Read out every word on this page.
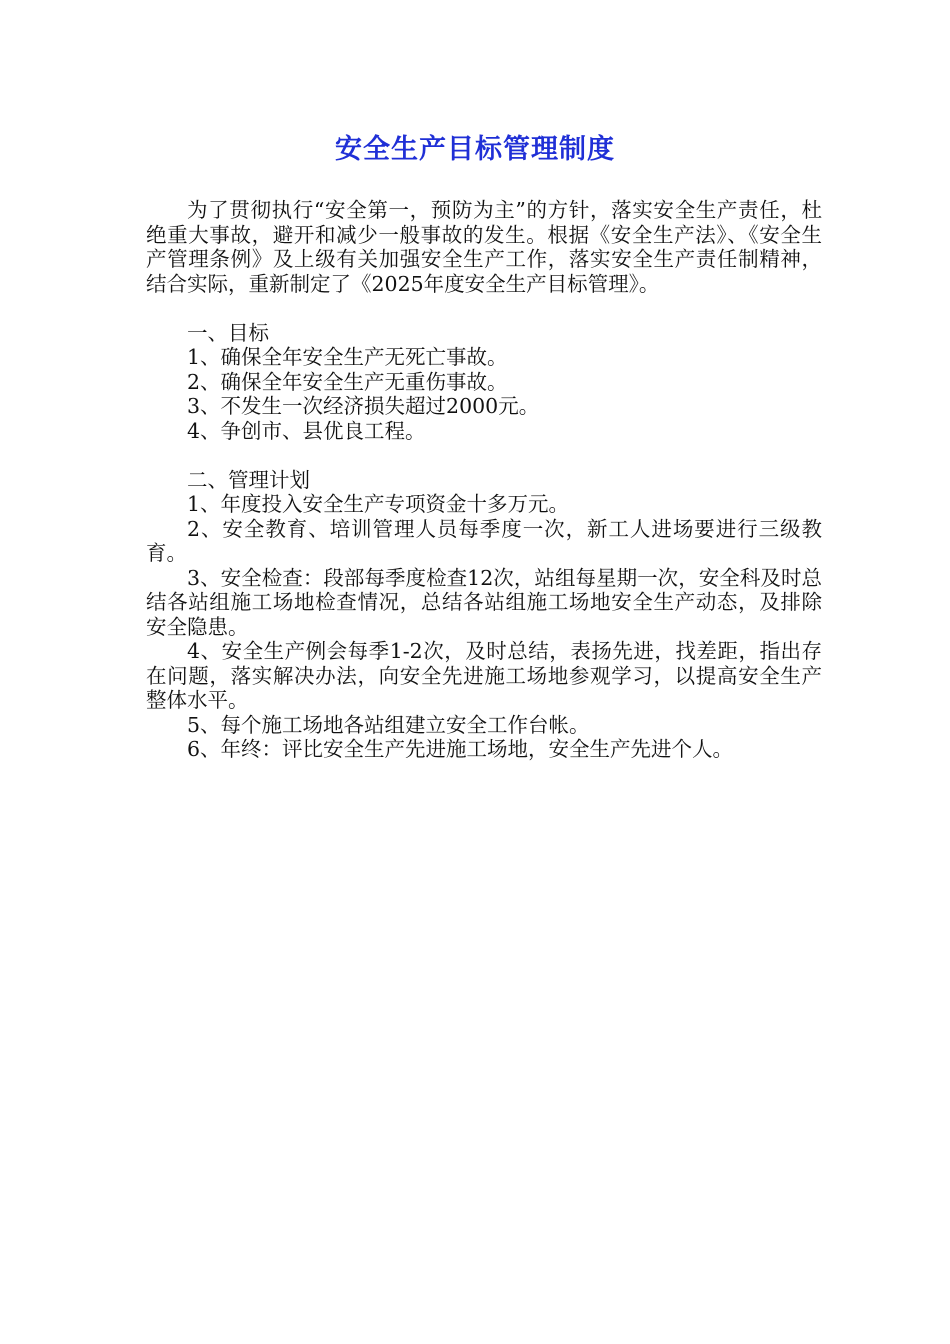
安全生产目标管理制度

为了贯彻执行“安全第一，预防为主”的方针，落实安全生产责任，杜绝重大事故，避开和减少一般事故的发生。根据《安全生产法》、《安全生产管理条例》及上级有关加强安全生产工作，落实安全生产责任制精神，结合实际，重新制定了《2025年度安全生产目标管理》。

一、目标

1、确保全年安全生产无死亡事故。

2、确保全年安全生产无重伤事故。

3、不发生一次经济损失超过2000元。

4、争创市、县优良工程。

二、管理计划

1、年度投入安全生产专项资金十多万元。

2、安全教育、培训管理人员每季度一次，新工人进场要进行三级教育。

3、安全检查：段部每季度检查12次，站组每星期一次，安全科及时总结各站组施工场地检查情况，总结各站组施工场地安全生产动态，及排除安全隐患。

4、安全生产例会每季1-2次，及时总结，表扬先进，找差距，指出存在问题，落实解决办法，向安全先进施工场地参观学习，以提高安全生产整体水平。

5、每个施工场地各站组建立安全工作台帐。

6、年终：评比安全生产先进施工场地，安全生产先进个人。
